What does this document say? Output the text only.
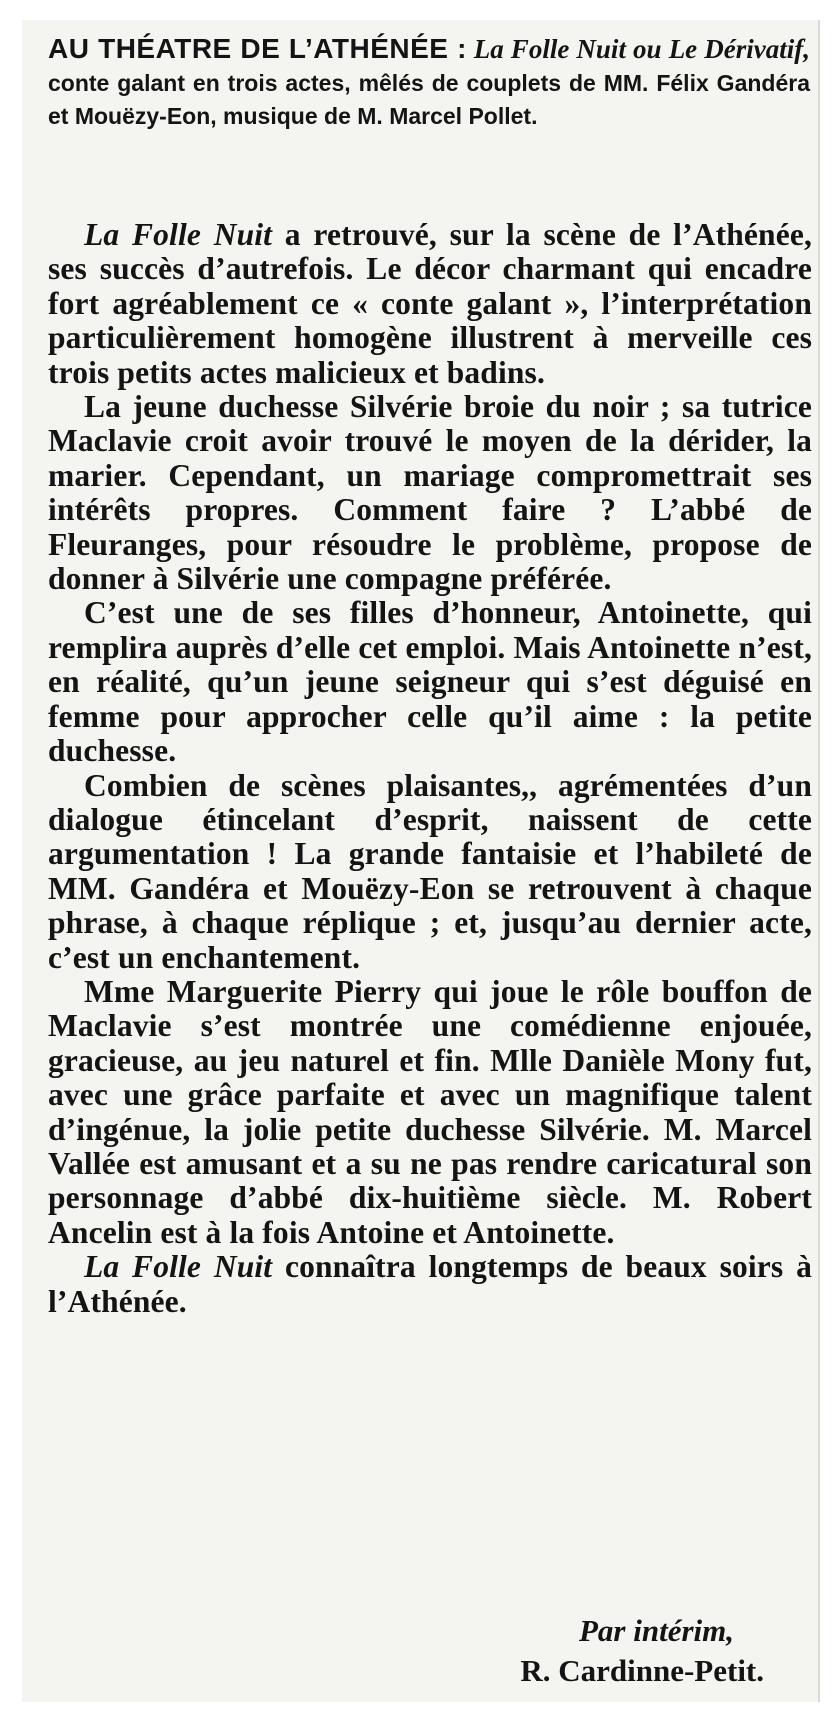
AU THÉATRE DE L’ATHÉNÉE : La Folle Nuit ou Le Dérivatif, conte galant en trois actes, mêlés de couplets de MM. Félix Gandéra et Mouëzy-Eon, musique de M. Marcel Pollet.

La Folle Nuit a retrouvé, sur la scène de l’Athénée, ses succès d’autrefois. Le décor charmant qui encadre fort agréablement ce « conte galant », l’interprétation particulièrement homogène illustrent à merveille ces trois petits actes malicieux et badins.

La jeune duchesse Silvérie broie du noir ; sa tutrice Maclavie croit avoir trouvé le moyen de la dérider, la marier. Cependant, un mariage compromettrait ses intérêts propres. Comment faire ? L’abbé de Fleuranges, pour résoudre le problème, propose de donner à Silvérie une compagne préférée.

C’est une de ses filles d’honneur, Antoinette, qui remplira auprès d’elle cet emploi. Mais Antoinette n’est, en réalité, qu’un jeune seigneur qui s’est déguisé en femme pour approcher celle qu’il aime : la petite duchesse.

Combien de scènes plaisantes,, agrémentées d’un dialogue étincelant d’esprit, naissent de cette argumentation ! La grande fantaisie et l’habileté de MM. Gandéra et Mouëzy-Eon se retrouvent à chaque phrase, à chaque réplique ; et, jusqu’au dernier acte, c’est un enchantement.

Mme Marguerite Pierry qui joue le rôle bouffon de Maclavie s’est montrée une comédienne enjouée, gracieuse, au jeu naturel et fin. Mlle Danièle Mony fut, avec une grâce parfaite et avec un magnifique talent d’ingénue, la jolie petite duchesse Silvérie. M. Marcel Vallée est amusant et a su ne pas rendre caricatural son personnage d’abbé dix-huitième siècle. M. Robert Ancelin est à la fois Antoine et Antoinette.

La Folle Nuit connaîtra longtemps de beaux soirs à l’Athénée.

Par intérim,
R. Cardinne-Petit.
